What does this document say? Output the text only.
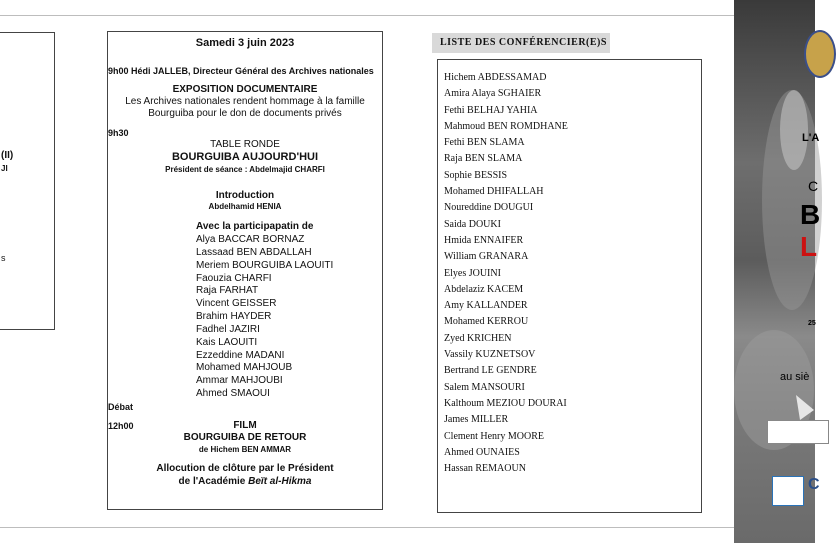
(II)
JI
s
Samedi 3 juin 2023
9h00 Hédi JALLEB, Directeur Général des Archives nationales
EXPOSITION DOCUMENTAIRE
Les Archives nationales rendent hommage à la famille
Bourguiba pour le don de documents privés
9h30
TABLE RONDE
BOURGUIBA AUJOURD'HUI
Président de séance : Abdelmajid CHARFI
Introduction
Abdelhamid HENIA
Avec la participapatin de
Alya BACCAR BORNAZ
Lassaad BEN ABDALLAH
Meriem BOURGUIBA LAOUITI
Faouzia CHARFI
Raja FARHAT
Vincent GEISSER
Brahim HAYDER
Fadhel JAZIRI
Kais LAOUITI
Ezzeddine MADANI
Mohamed MAHJOUB
Ammar MAHJOUBI
Ahmed SMAOUI
Débat
12h00	FILM
BOURGUIBA DE RETOUR
de Hichem BEN AMMAR
Allocution de clôture par le Président
de l'Académie Beït al-Hikma
LISTE DES CONFÉRENCIER(E)S
Hichem ABDESSAMAD
Amira Alaya SGHAIER
Fethi BELHAJ YAHIA
Mahmoud BEN ROMDHANE
Fethi BEN SLAMA
Raja BEN SLAMA
Sophie BESSIS
Mohamed DHIFALLAH
Noureddine DOUGUI
Saida DOUKI
Hmida ENNAIFER
William GRANARA
Elyes JOUINI
Abdelaziz KACEM
Amy KALLANDER
Mohamed KERROU
Zyed KRICHEN
Vassily KUZNETSOV
Bertrand LE GENDRE
Salem MANSOURI
Kalthoum MEZIOU DOURAI
James MILLER
Clement Henry MOORE
Ahmed OUNAIES
Hassan REMAOUN
L'A
C
B
L
25
au siè
C
